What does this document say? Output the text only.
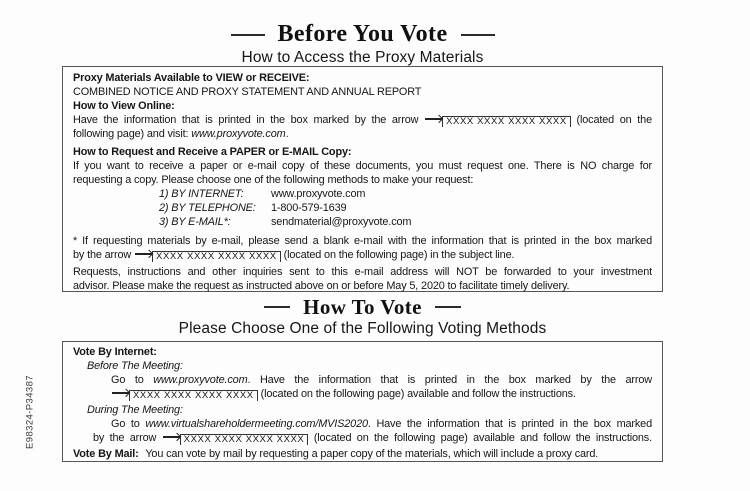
Before You Vote
How to Access the Proxy Materials

Proxy Materials Available to VIEW or RECEIVE:

COMBINED NOTICE AND PROXY STATEMENT AND ANNUAL REPORT

How to View Online:

Have the information that is printed in the box marked by the arrow	XXXX XXXX XXXX XXXX (located on the

following page) and visit: www.proxyvote.com.

How to Request and Receive a PAPER or E-MAIL Copy:

If you want to receive a paper or e-mail copy of these documents, you must request one. There is NO charge for

requesting a copy. Please choose one of the following methods to make your request:

1) BY INTERNET:	www.proxyvote.com

2) BY TELEPHONE: 1-800-579-1639

3) BY E-MAIL*:	sendmaterial@proxyvote.com

* If requesting materials by e-mail, please send a blank e-mail with the information that is printed in the box marked

by the arrow	XXXX XXXX XXXX XXXX (located on the following page) in the subject line.

Requests, instructions and other inquiries sent to this e-mail address will NOT be forwarded to your investment

advisor. Please make the request as instructed above on or before May 5, 2020 to facilitate timely delivery.

How To Vote
Please Choose One of the Following Voting Methods

Vote By Internet:

Before The Meeting:

Go to www.proxyvote.com. Have the information that is printed in the box marked by the arrow

XXXX XXXX XXXX XXXX (located on the following page) available and follow the instructions.

During The Meeting:

Go to www.virtualshareholdermeeting.com/MVIS2020. Have the information that is printed in the box marked

by the arrow	XXXX XXXX XXXX XXXX (located on the following page) available and follow the instructions.

Vote By Mail: You can vote by mail by requesting a paper copy of the materials, which will include a proxy card.

E98324-P34387
